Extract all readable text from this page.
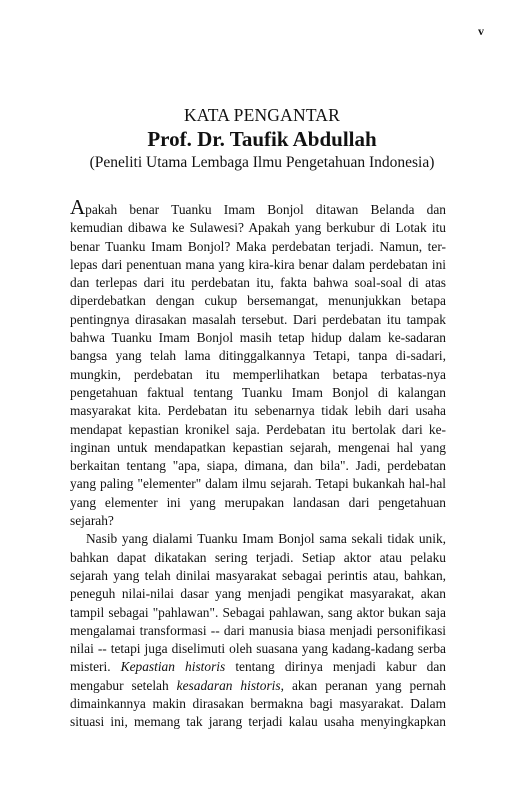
v
KATA PENGANTAR
Prof. Dr. Taufik Abdullah
(Peneliti Utama Lembaga Ilmu Pengetahuan Indonesia)
Apakah benar Tuanku Imam Bonjol ditawan Belanda dan
kemudian dibawa ke Sulawesi? Apakah yang berkubur di Lotak itu
benar Tuanku Imam Bonjol? Maka perdebatan terjadi. Namun, ter-
lepas dari penentuan mana yang kira-kira benar dalam perdebatan ini
dan terlepas dari itu perdebatan itu, fakta bahwa soal-soal di atas
diperdebatkan dengan cukup bersemangat, menunjukkan betapa
pentingnya dirasakan masalah tersebut. Dari perdebatan itu tampak
bahwa Tuanku Imam Bonjol masih tetap hidup dalam ke-sadaran
bangsa yang telah lama ditinggalkannya Tetapi, tanpa di-sadari,
mungkin, perdebatan itu memperlihatkan betapa terbatas-nya
pengetahuan faktual tentang Tuanku Imam Bonjol di kalangan
masyarakat kita. Perdebatan itu sebenarnya tidak lebih dari usaha
mendapat kepastian kronikel saja. Perdebatan itu bertolak dari ke-
inginan untuk mendapatkan kepastian sejarah, mengenai hal yang
berkaitan tentang "apa, siapa, dimana, dan bila". Jadi, perdebatan
yang paling "elementer" dalam ilmu sejarah. Tetapi bukankah hal-hal
yang elementer ini yang merupakan landasan dari pengetahuan
sejarah?
Nasib yang dialami Tuanku Imam Bonjol sama sekali tidak unik,
bahkan dapat dikatakan sering terjadi. Setiap aktor atau pelaku
sejarah yang telah dinilai masyarakat sebagai perintis atau, bahkan,
peneguh nilai-nilai dasar yang menjadi pengikat masyarakat, akan
tampil sebagai "pahlawan". Sebagai pahlawan, sang aktor bukan saja
mengalamai transformasi -- dari manusia biasa menjadi personifikasi
nilai -- tetapi juga diselimuti oleh suasana yang kadang-kadang serba
misteri. Kepastian historis tentang dirinya menjadi kabur dan
mengabur setelah kesadaran historis, akan peranan yang pernah
dimainkannya makin dirasakan bermakna bagi masyarakat. Dalam
situasi ini, memang tak jarang terjadi kalau usaha menyingkapkan
